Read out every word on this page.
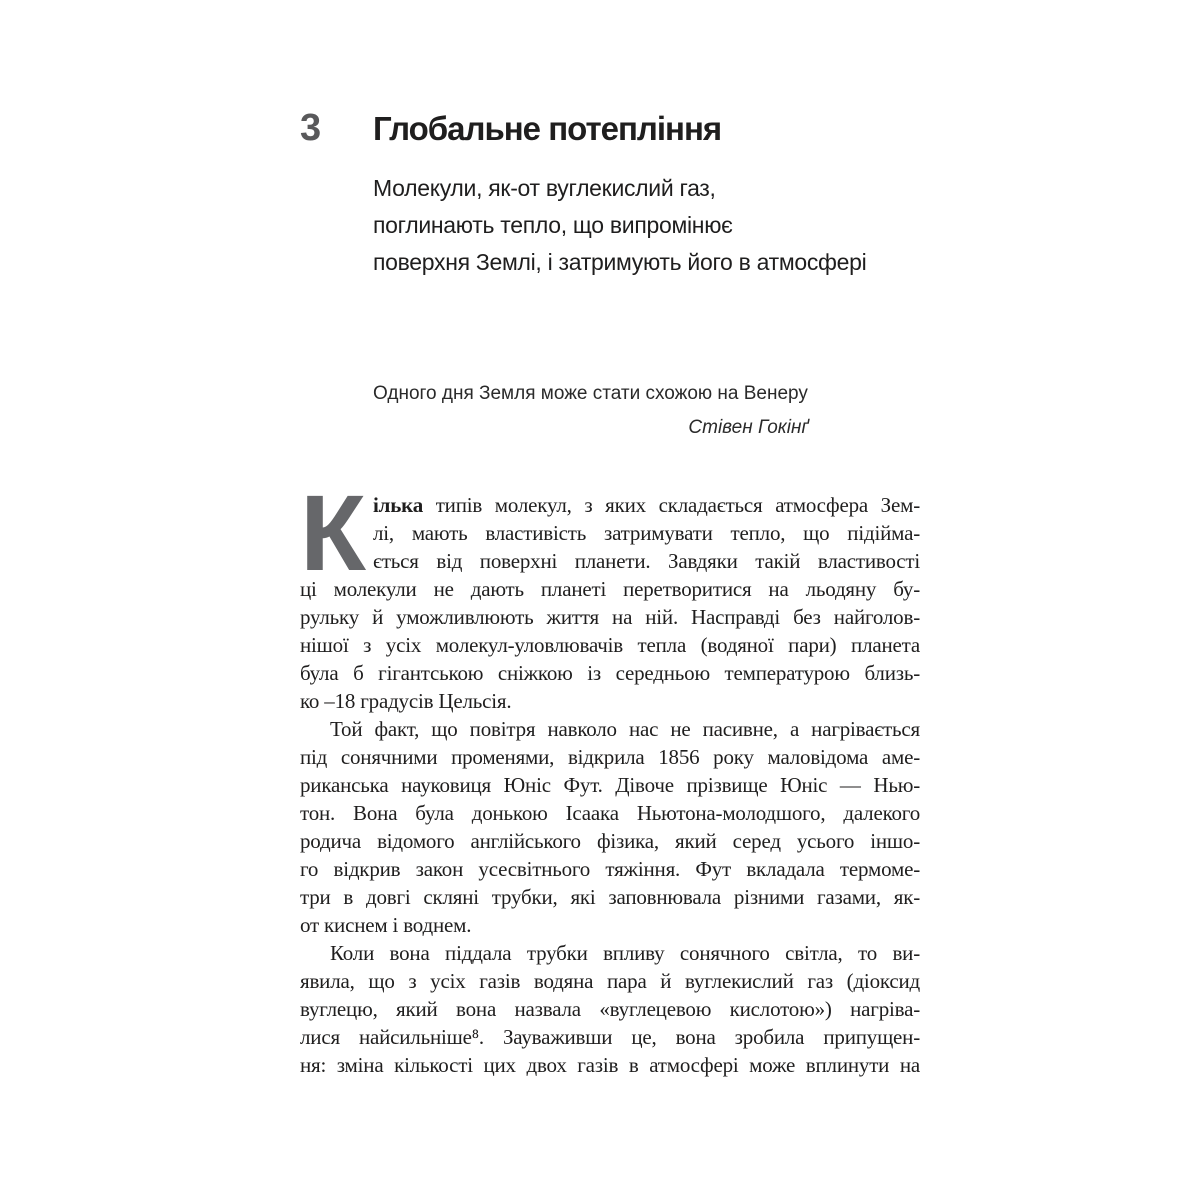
3	Глобальне потепління
Молекули, як-от вуглекислий газ,
поглинають тепло, що випромінює
поверхня Землі, і затримують його в атмосфері
Одного дня Земля може стати схожою на Венеру
Стівен Гокінґ
К ілька типів молекул, з яких складається атмосфера Зем-
лі, мають властивість затримувати тепло, що підійма-
ється від поверхні планети. Завдяки такій властивості
ці молекули не дають планеті перетворитися на льодяну бу-
рульку й уможливлюють життя на ній. Насправді без найголов-
нішої з усіх молекул-уловлювачів тепла (водяної пари) планета
була б гігантською сніжкою із середньою температурою близь-
ко –18 градусів Цельсія.
Той факт, що повітря навколо нас не пасивне, а нагрівається
під сонячними променями, відкрила 1856 року маловідома аме-
риканська науковиця Юніс Фут. Дівоче прізвище Юніс — Нью-
тон. Вона була донькою Ісаака Ньютона-молодшого, далекого
родича відомого англійського фізика, який серед усього іншо-
го відкрив закон усесвітнього тяжіння. Фут вкладала термоме-
три в довгі скляні трубки, які заповнювала різними газами, як-
от киснем і воднем.
Коли вона піддала трубки впливу сонячного світла, то ви-
явила, що з усіх газів водяна пара й вуглекислий газ (діоксид
вуглецю, який вона назвала «вуглецевою кислотою») нагріва-
лися найсильніше⁸. Зауваживши це, вона зробила припущен-
ня: зміна кількості цих двох газів в атмосфері може вплинути на
